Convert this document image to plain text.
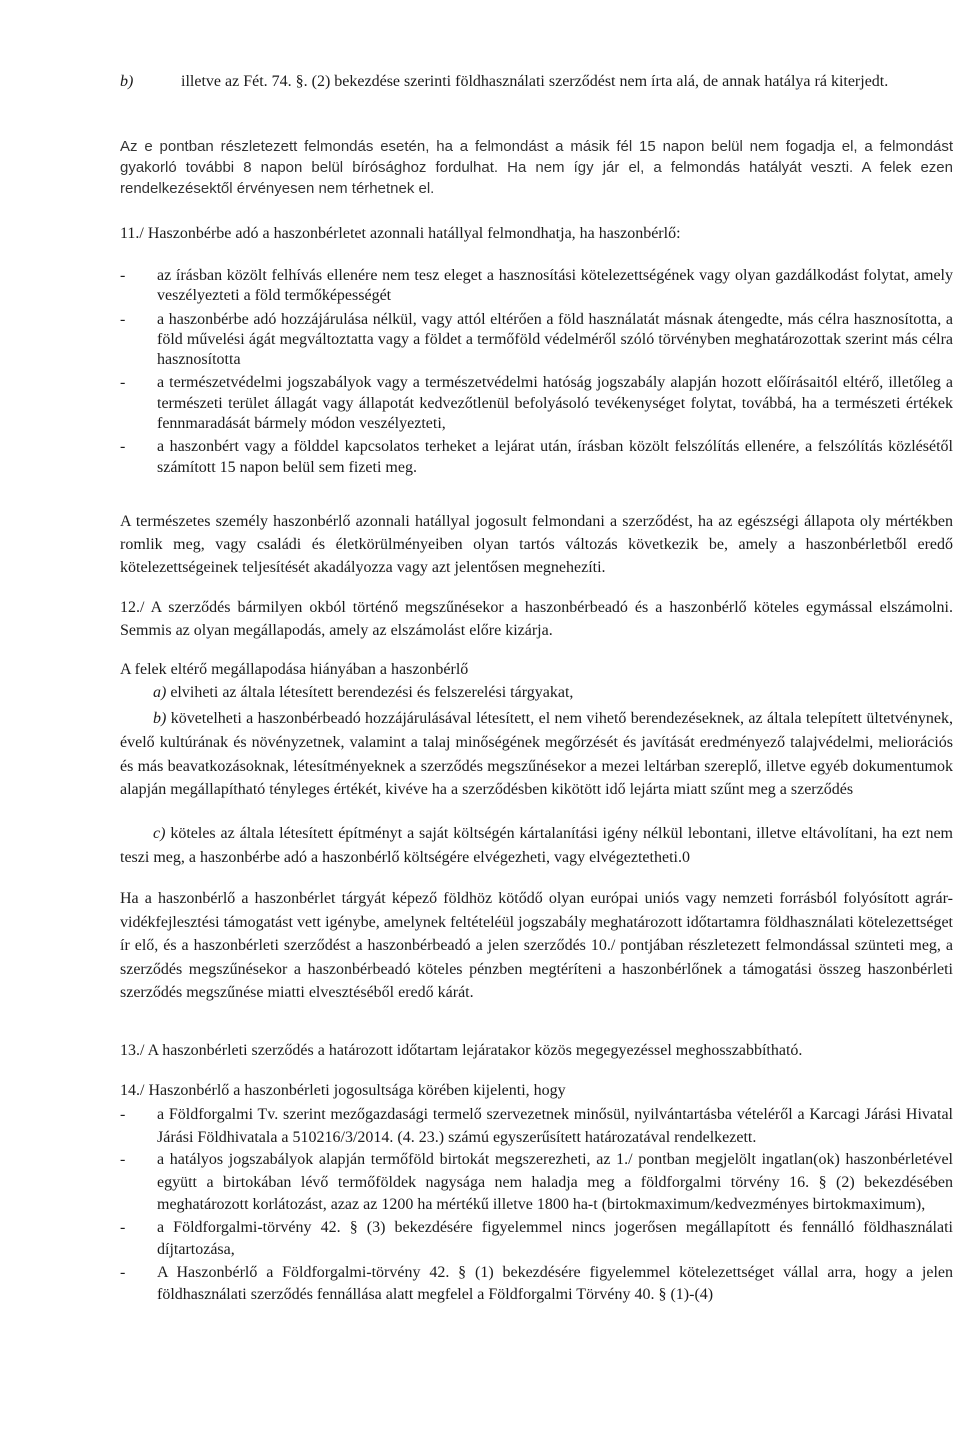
b)	illetve az Fét. 74. §. (2) bekezdése szerinti földhasználati szerződést nem írta alá, de annak hatálya rá kiterjedt.

Az e pontban részletezett felmondás esetén, ha a felmondást a másik fél 15 napon belül nem fogadja el, a felmondást gyakorló további 8 napon belül bírósághoz fordulhat. Ha nem így jár el, a felmondás hatályát veszti. A felek ezen rendelkezésektől érvényesen nem térhetnek el.

11./ Haszonbérbe adó a haszonbérletet azonnali hatállyal felmondhatja, ha haszonbérlő:

- az írásban közölt felhívás ellenére nem tesz eleget a hasznosítási kötelezettségének vagy olyan gazdálkodást folytat, amely veszélyezteti a föld termőképességét
- a haszonbérbe adó hozzájárulása nélkül, vagy attól eltérően a föld használatát másnak átengedte, más célra hasznosította, a föld művelési ágát megváltoztatta vagy a földet a termőföld védelméről szóló törvényben meghatározottak szerint más célra hasznosította
- a természetvédelmi jogszabályok vagy a természetvédelmi hatóság jogszabály alapján hozott előírásaitól eltérő, illetőleg a természeti terület állagát vagy állapotát kedvezőtlenül befolyásoló tevékenységet folytat, továbbá, ha a természeti értékek fennmaradását bármely módon veszélyezteti,
- a haszonbért vagy a földdel kapcsolatos terheket a lejárat után, írásban közölt felszólítás ellenére, a felszólítás közlésétől számított 15 napon belül sem fizeti meg.

A természetes személy haszonbérlő azonnali hatállyal jogosult felmondani a szerződést, ha az egészségi állapota oly mértékben romlik meg, vagy családi és életkörülményeiben olyan tartós változás következik be, amely a haszonbérletből eredő kötelezettségeinek teljesítését akadályozza vagy azt jelentősen megnehezíti.

12./ A szerződés bármilyen okból történő megszűnésekor a haszonbérbeadó és a haszonbérlő köteles egymással elszámolni. Semmis az olyan megállapodás, amely az elszámolást előre kizárja.

A felek eltérő megállapodása hiányában a haszonbérlő

a) elviheti az általa létesített berendezési és felszerelési tárgyakat,

b) követelheti a haszonbérbeadó hozzájárulásával létesített, el nem vihető berendezéseknek, az általa telepített ültetvénynek, évelő kultúrának és növényzetnek, valamint a talaj minőségének megőrzését és javítását eredményező talajvédelmi, meliorációs és más beavatkozásoknak, létesítményeknek a szerződés megszűnésekor a mezei leltárban szereplő, illetve egyéb dokumentumok alapján megállapítható tényleges értékét, kivéve ha a szerződésben kikötött idő lejárta miatt szűnt meg a szerződés

c) köteles az általa létesített építményt a saját költségén kártalanítási igény nélkül lebontani, illetve eltávolítani, ha ezt nem teszi meg, a haszonbérbe adó a haszonbérlő költségére elvégezheti, vagy elvégeztetheti.0

Ha a haszonbérlő a haszonbérlet tárgyát képező földhöz kötődő olyan európai uniós vagy nemzeti forrásból folyósított agrár-vidékfejlesztési támogatást vett igénybe, amelynek feltételéül jogszabály meghatározott időtartamra földhasználati kötelezettséget ír elő, és a haszonbérleti szerződést a haszonbérbeadó a jelen szerződés 10./ pontjában részletezett felmondással szünteti meg, a szerződés megszűnésekor a haszonbérbeadó köteles pénzben megtéríteni a haszonbérlőnek a támogatási összeg haszonbérleti szerződés megszűnése miatti elvesztéséből eredő kárát.

13./ A haszonbérleti szerződés a határozott időtartam lejáratakor közös megegyezéssel meghosszabbítható.

14./ Haszonbérlő a haszonbérleti jogosultsága körében kijelenti, hogy

- a Földforgalmi Tv. szerint mezőgazdasági termelő szervezetnek minősül, nyilvántartásba vételéről a Karcagi Járási Hivatal Járási Földhivatala a 510216/3/2014. (4. 23.) számú egyszerűsített határozatával rendelkezett.
- a hatályos jogszabályok alapján termőföld birtokát megszerezheti, az 1./ pontban megjelölt ingatlan(ok) haszonbérletével együtt a birtokában lévő termőföldek nagysága nem haladja meg a földforgalmi törvény 16. § (2) bekezdésében meghatározott korlátozást, azaz az 1200 ha mértékű illetve 1800 ha-t (birtokmaximum/kedvezményes birtokmaximum),
- a Földforgalmi-törvény 42. § (3) bekezdésére figyelemmel nincs jogerősen megállapított és fennálló földhasználati díjtartozása,
- A Haszonbérlő a Földforgalmi-törvény 42. § (1) bekezdésére figyelemmel kötelezettséget vállal arra, hogy a jelen földhasználati szerződés fennállása alatt megfelel a Földforgalmi Törvény 40. § (1)-(4)
